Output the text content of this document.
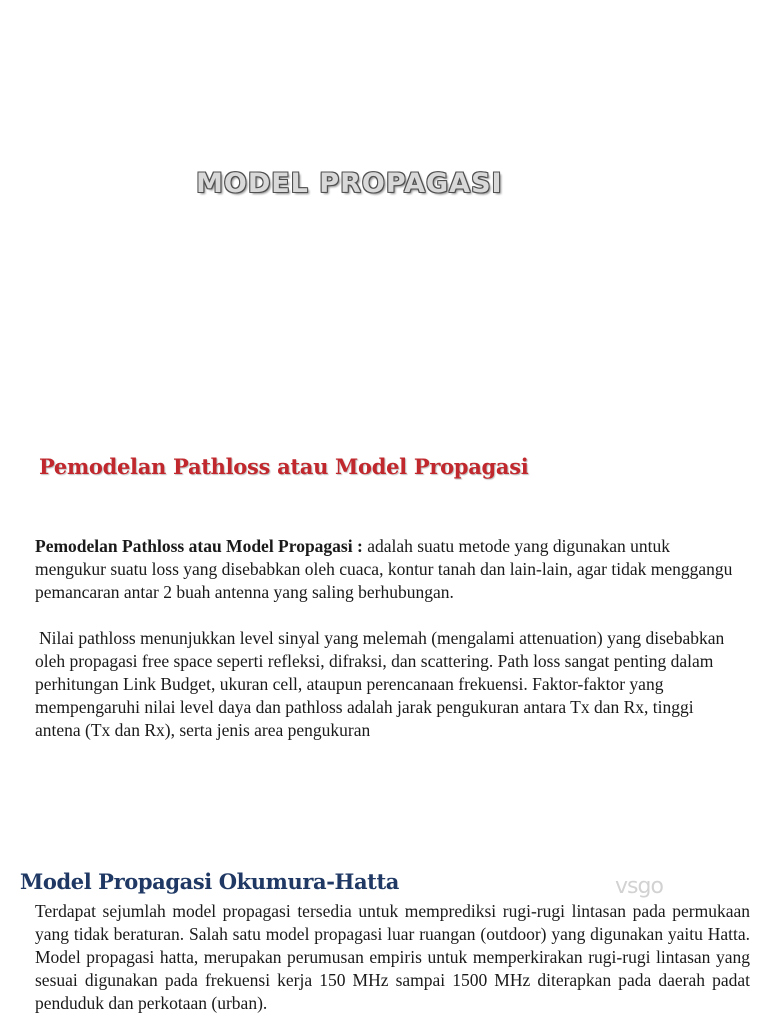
MODEL PROPAGASI
Pemodelan Pathloss atau Model Propagasi
Pemodelan Pathloss atau Model Propagasi : adalah suatu metode yang digunakan untuk mengukur suatu loss yang disebabkan oleh cuaca, kontur tanah dan lain-lain, agar tidak menggangu pemancaran antar 2 buah antenna yang saling berhubungan.
Nilai pathloss menunjukkan level sinyal yang melemah (mengalami attenuation) yang disebabkan oleh propagasi free space seperti refleksi, difraksi, dan scattering. Path loss sangat penting dalam perhitungan Link Budget, ukuran cell, ataupun perencanaan frekuensi. Faktor-faktor yang mempengaruhi nilai level daya dan pathloss adalah jarak pengukuran antara Tx dan Rx, tinggi antena (Tx dan Rx), serta jenis area pengukuran
Model Propagasi Okumura-Hatta	vsgo
Terdapat sejumlah model propagasi tersedia untuk memprediksi rugi-rugi lintasan pada permukaan yang tidak beraturan. Salah satu model propagasi luar ruangan (outdoor) yang digunakan yaitu Hatta. Model propagasi hatta, merupakan perumusan empiris untuk memperkirakan rugi-rugi lintasan yang sesuai digunakan pada frekuensi kerja 150 MHz sampai 1500 MHz diterapkan pada daerah padat penduduk dan perkotaan (urban).
